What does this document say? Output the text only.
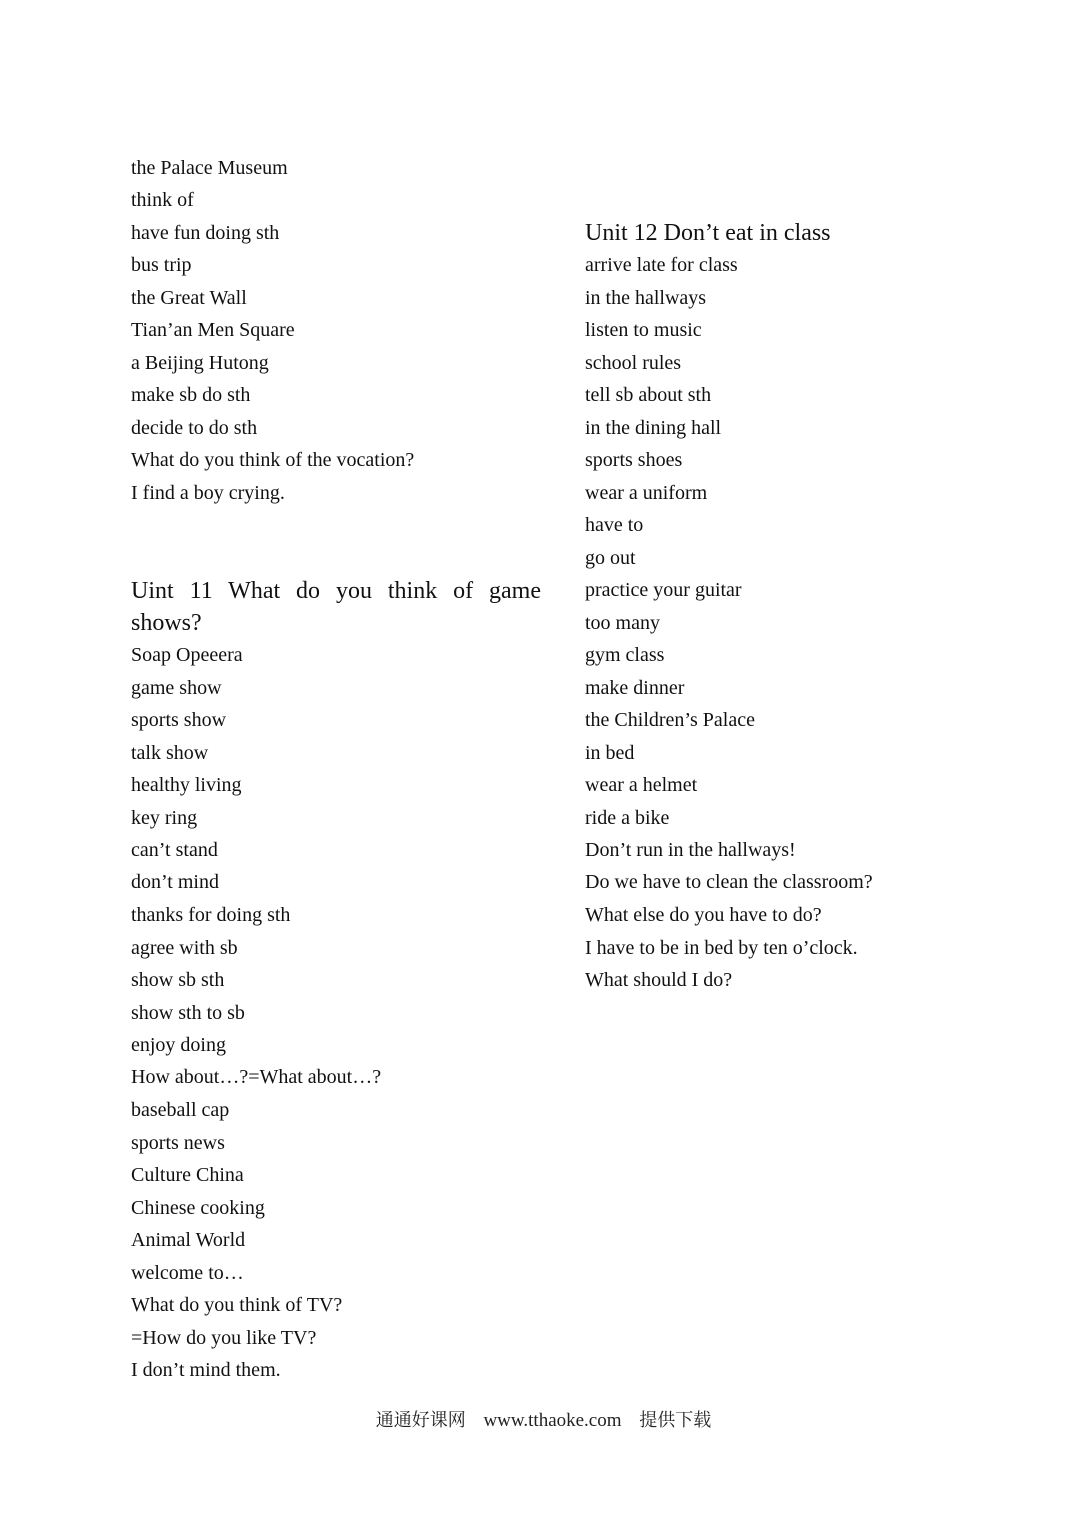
the Palace Museum
think of
have fun doing sth
bus trip
the Great Wall
Tian’an Men Square
a Beijing Hutong
make sb do sth
decide to do sth
What do you think of the vocation?
I find a boy crying.
Uint 11 What do you think of game shows?
Soap Opeeera
game show
sports show
talk show
healthy living
key ring
can’t stand
don’t mind
thanks for doing sth
agree with sb
show sb sth
show sth to sb
enjoy doing
How about…?=What about…?
baseball cap
sports news
Culture China
Chinese cooking
Animal World
welcome to…
What do you think of TV?
=How do you like TV?
I don’t mind them.
Unit 12 Don’t eat in class
arrive late for class
in the hallways
listen to music
school rules
tell sb about sth
in the dining hall
sports shoes
wear a uniform
have to
go out
practice your guitar
too many
gym class
make dinner
the Children’s Palace
in bed
wear a helmet
ride a bike
Don’t run in the hallways!
Do we have to clean the classroom?
What else do you have to do?
I have to be in bed by ten o’clock.
What should I do?
通通好课网 www.tthaoke.com 提供下载
